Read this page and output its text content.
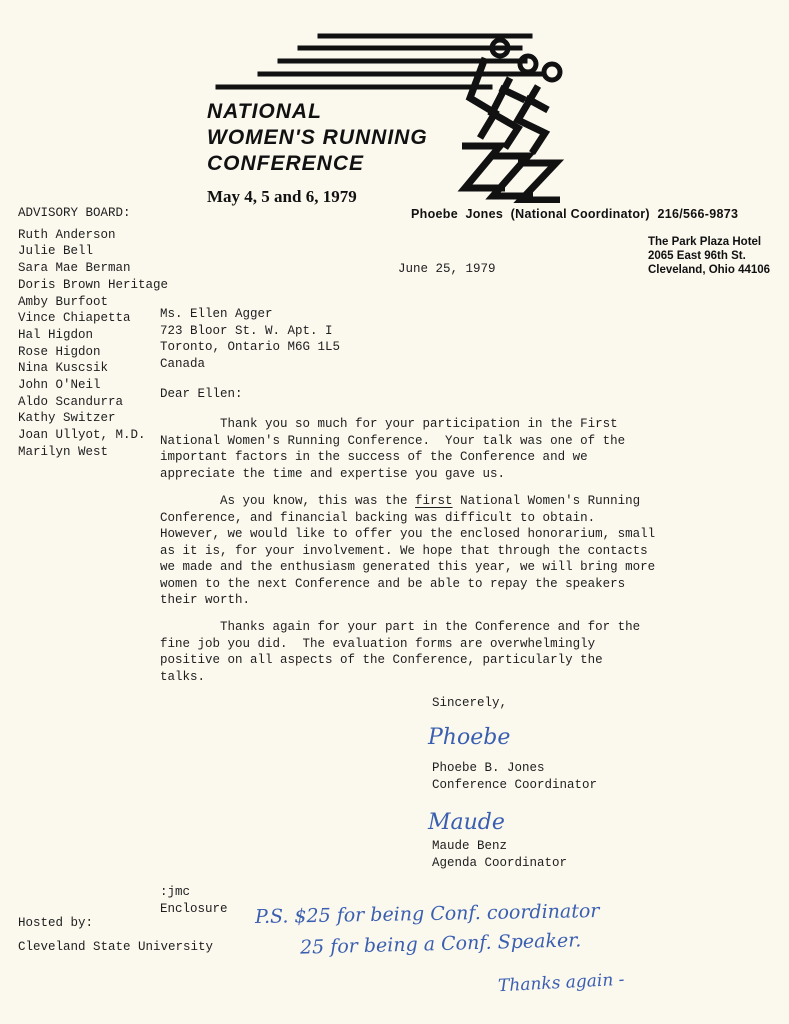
NATIONAL
WOMEN'S RUNNING
CONFERENCE
May 4, 5 and 6, 1979
Phoebe  Jones  (National Coordinator)  216/566-9873
The Park Plaza Hotel
2065 East 96th St.
Cleveland, Ohio 44106
ADVISORY BOARD:
Ruth Anderson
Julie Bell
Sara Mae Berman
Doris Brown Heritage
Amby Burfoot
Vince Chiapetta
Hal Higdon
Rose Higdon
Nina Kuscsik
John O'Neil
Aldo Scandurra
Kathy Switzer
Joan Ullyot, M.D.
Marilyn West
June 25, 1979
Ms. Ellen Agger
723 Bloor St. W. Apt. I
Toronto, Ontario M6G 1L5
Canada
Dear Ellen:
Thank you so much for your participation in the First
National Women's Running Conference.  Your talk was one of the
important factors in the success of the Conference and we
appreciate the time and expertise you gave us.
As you know, this was the first National Women's Running
Conference, and financial backing was difficult to obtain.
However, we would like to offer you the enclosed honorarium, small
as it is, for your involvement. We hope that through the contacts
we made and the enthusiasm generated this year, we will bring more
women to the next Conference and be able to repay the speakers
their worth.
Thanks again for your part in the Conference and for the
fine job you did.  The evaluation forms are overwhelmingly
positive on all aspects of the Conference, particularly the
talks.
Sincerely,
Phoebe
Phoebe B. Jones
Conference Coordinator
Maude
Maude Benz
Agenda Coordinator
:jmc
Enclosure
Hosted by:
Cleveland State University
P.S. $25 for being Conf. coordinator
25 for being a Conf. Speaker.
Thanks again -
